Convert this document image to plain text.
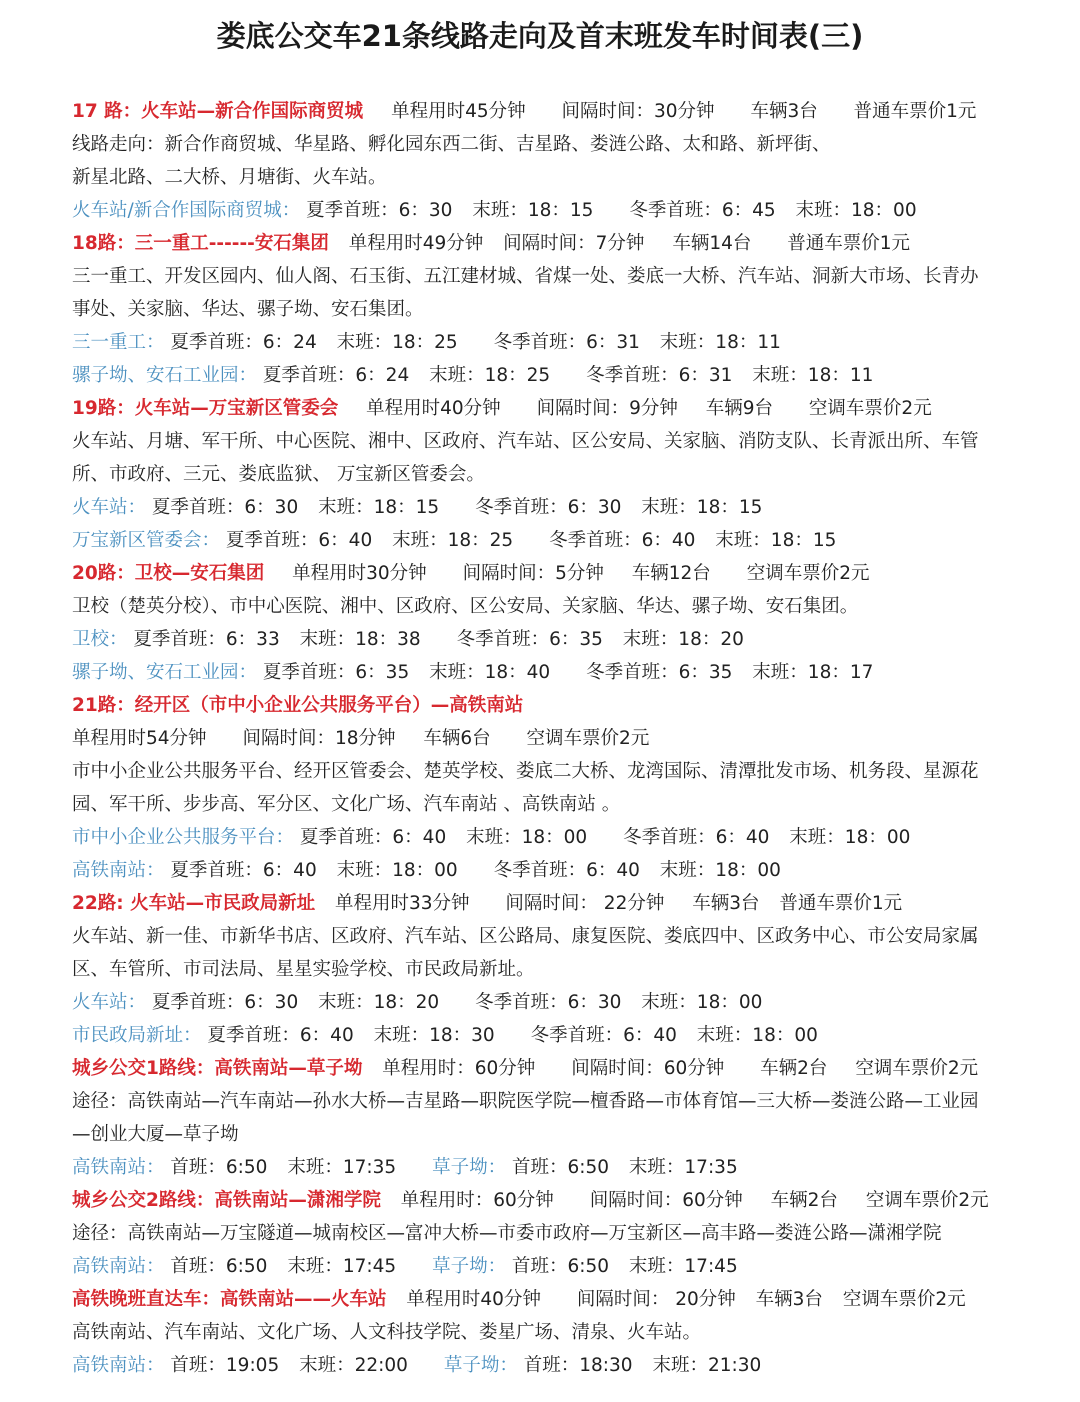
娄底公交车21条线路走向及首末班发车时间表(三)
17 路：火车站—新合作国际商贸城 单程用时45分钟 间隔时间：30分钟 车辆3台 普通车票价1元
线路走向：新合作商贸城、华星路、孵化园东西二街、吉星路、娄涟公路、太和路、新坪街、
新星北路、二大桥、月塘街、火车站。
火车站/新合作国际商贸城： 夏季首班：6：30 末班：18：15 冬季首班：6：45 末班：18：00
18路：三一重工------安石集团 单程用时49分钟 间隔时间：7分钟 车辆14台 普通车票价1元
三一重工、开发区园内、仙人阁、石玉街、五江建材城、省煤一处、娄底一大桥、汽车站、洞新大市场、长青办
事处、关家脑、华达、骡子坳、安石集团。
三一重工： 夏季首班：6：24 末班：18：25 冬季首班：6：31 末班：18：11
骡子坳、安石工业园： 夏季首班：6：24 末班：18：25 冬季首班：6：31 末班：18：11
19路：火车站—万宝新区管委会 单程用时40分钟 间隔时间：9分钟 车辆9台 空调车票价2元
火车站、月塘、军干所、中心医院、湘中、区政府、汽车站、区公安局、关家脑、消防支队、长青派出所、车管
所、市政府、三元、娄底监狱、 万宝新区管委会。
火车站： 夏季首班：6：30 末班：18：15 冬季首班：6：30 末班：18：15
万宝新区管委会： 夏季首班：6：40 末班：18：25 冬季首班：6：40 末班：18：15
20路：卫校—安石集团 单程用时30分钟 间隔时间：5分钟 车辆12台 空调车票价2元
卫校（楚英分校）、市中心医院、湘中、区政府、区公安局、关家脑、华达、骡子坳、安石集团。
卫校： 夏季首班：6：33 末班：18：38 冬季首班：6：35 末班：18：20
骡子坳、安石工业园： 夏季首班：6：35 末班：18：40 冬季首班：6：35 末班：18：17
21路：经开区（市中小企业公共服务平台）—高铁南站
单程用时54分钟 间隔时间：18分钟 车辆6台 空调车票价2元
市中小企业公共服务平台、经开区管委会、楚英学校、娄底二大桥、龙湾国际、清潭批发市场、机务段、星源花
园、军干所、步步高、军分区、文化广场、汽车南站 、高铁南站 。
市中小企业公共服务平台： 夏季首班：6：40 末班：18：00 冬季首班：6：40 末班：18：00
高铁南站： 夏季首班：6：40 末班：18：00 冬季首班：6：40 末班：18：00
22路: 火车站—市民政局新址 单程用时33分钟 间隔时间： 22分钟 车辆3台 普通车票价1元
火车站、新一佳、市新华书店、区政府、汽车站、区公路局、康复医院、娄底四中、区政务中心、市公安局家属
区、车管所、市司法局、星星实验学校、市民政局新址。
火车站： 夏季首班：6：30 末班：18：20 冬季首班：6：30 末班：18：00
市民政局新址： 夏季首班：6：40 末班：18：30 冬季首班：6：40 末班：18：00
城乡公交1路线：高铁南站—草子坳 单程用时：60分钟 间隔时间：60分钟 车辆2台 空调车票价2元
途径：高铁南站—汽车南站—孙水大桥—吉星路—职院医学院—檀香路—市体育馆—三大桥—娄涟公路—工业园
—创业大厦—草子坳
高铁南站： 首班：6:50 末班：17:35 草子坳： 首班：6:50 末班：17:35
城乡公交2路线：高铁南站—潇湘学院 单程用时：60分钟 间隔时间：60分钟 车辆2台 空调车票价2元
途径：高铁南站—万宝隧道—城南校区—富冲大桥—市委市政府—万宝新区—高丰路—娄涟公路—潇湘学院
高铁南站： 首班：6:50 末班：17:45 草子坳： 首班：6:50 末班：17:45
高铁晚班直达车：高铁南站——火车站 单程用时40分钟 间隔时间： 20分钟 车辆3台 空调车票价2元
高铁南站、汽车南站、文化广场、人文科技学院、娄星广场、清泉、火车站。
高铁南站： 首班：19:05 末班：22:00 草子坳： 首班：18:30 末班：21:30
